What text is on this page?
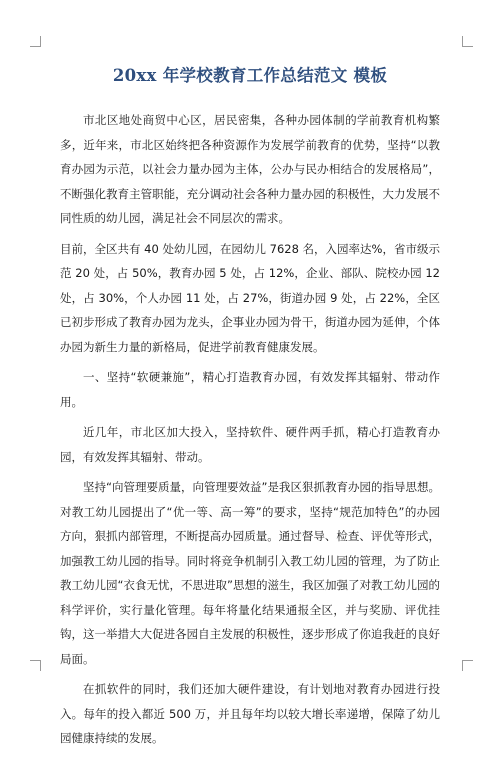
20xx 年学校教育工作总结范文 模板

市北区地处商贸中心区，居民密集，各种办园体制的学前教育机构繁多，近年来，市北区始终把各种资源作为发展学前教育的优势，坚持“以教育办园为示范，以社会力量办园为主体，公办与民办相结合的发展格局”，不断强化教育主管职能，充分调动社会各种力量办园的积极性，大力发展不同性质的幼儿园，满足社会不同层次的需求。

目前，全区共有 40 处幼儿园，在园幼儿 7628 名，入园率达%，省市级示范 20 处，占 50%，教育办园 5 处，占 12%，企业、部队、院校办园 12 处，占 30%，个人办园 11 处，占 27%，街道办园 9 处，占 22%，全区已初步形成了教育办园为龙头，企事业办园为骨干，街道办园为延伸，个体办园为新生力量的新格局，促进学前教育健康发展。

一、坚持“软硬兼施”，精心打造教育办园，有效发挥其辐射、带动作用。

近几年，市北区加大投入，坚持软件、硬件两手抓，精心打造教育办园，有效发挥其辐射、带动。

坚持“向管理要质量，向管理要效益”是我区狠抓教育办园的指导思想。对教工幼儿园提出了“优一等、高一筹”的要求，坚持“规范加特色”的办园方向，狠抓内部管理，不断提高办园质量。通过督导、检查、评优等形式，加强教工幼儿园的指导。同时将竞争机制引入教工幼儿园的管理，为了防止教工幼儿园“衣食无忧，不思进取”思想的滋生，我区加强了对教工幼儿园的科学评价，实行量化管理。每年将量化结果通报全区，并与奖励、评优挂钩，这一举措大大促进各园自主发展的积极性，逐步形成了你追我赶的良好局面。

在抓软件的同时，我们还加大硬件建设，有计划地对教育办园进行投入。每年的投入都近 500 万，并且每年均以较大增长率递增，保障了幼儿园健康持续的发展。
